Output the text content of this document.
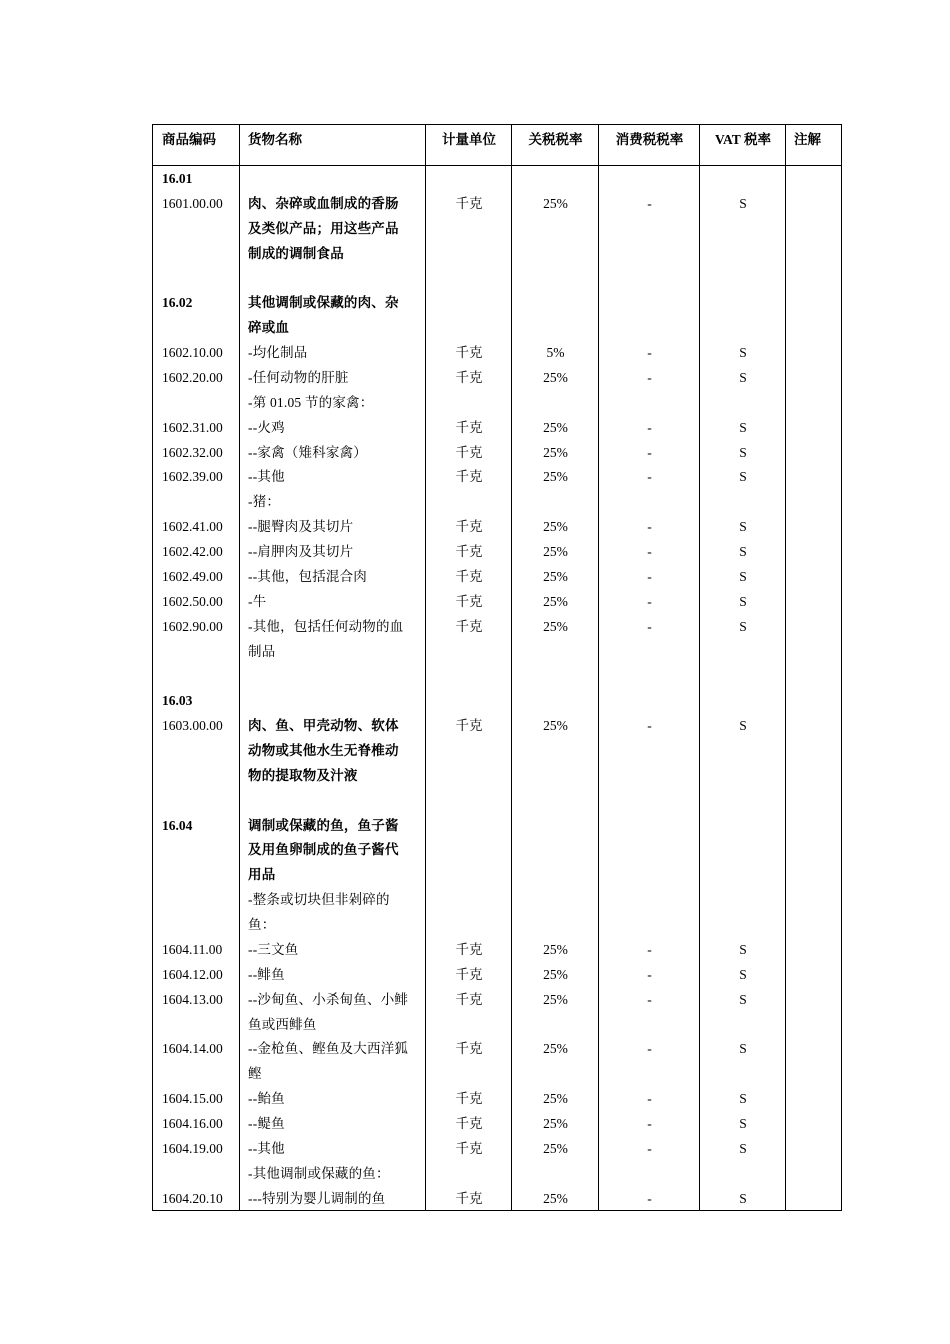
商品编码 货物名称	计量单位	关税税率	消费税税率	VAT 税率	注解
16.01
1601.00.00 肉、杂碎或血制成的香肠	千克	25%	-	S
及类似产品；用这些产品
制成的调制食品
16.02	其他调制或保藏的肉、杂
碎或血
1602.10.00 -均化制品	千克	5%	-	S
1602.20.00 -任何动物的肝脏	千克	25%	-	S
-第 01.05 节的家禽：
1602.31.00 --火鸡	千克	25%	-	S
1602.32.00 --家禽（雉科家禽）	千克	25%	-	S
1602.39.00 --其他	千克	25%	-	S
-猪：
1602.41.00 --腿臀肉及其切片	千克	25%	-	S
1602.42.00 --肩胛肉及其切片	千克	25%	-	S
1602.49.00 --其他，包括混合肉	千克	25%	-	S
1602.50.00 -牛	千克	25%	-	S
1602.90.00 -其他，包括任何动物的血	千克	25%	-	S
制品
16.03
1603.00.00 肉、鱼、甲壳动物、软体	千克	25%	-	S
动物或其他水生无脊椎动
物的提取物及汁液
16.04	调制或保藏的鱼，鱼子酱
及用鱼卵制成的鱼子酱代
用品
-整条或切块但非剁碎的
鱼：
1604.11.00 --三文鱼	千克	25%	-	S
1604.12.00 --鲱鱼	千克	25%	-	S
1604.13.00 --沙甸鱼、小杀甸鱼、小鲱	千克	25%	-	S
鱼或西鲱鱼
1604.14.00 --金枪鱼、鲣鱼及大西洋狐	千克	25%	-	S
鲣
1604.15.00 --鲐鱼	千克	25%	-	S
1604.16.00 --鳀鱼	千克	25%	-	S
1604.19.00 --其他	千克	25%	-	S
-其他调制或保藏的鱼：
1604.20.10 ---特别为婴儿调制的鱼	千克	25%	-	S
